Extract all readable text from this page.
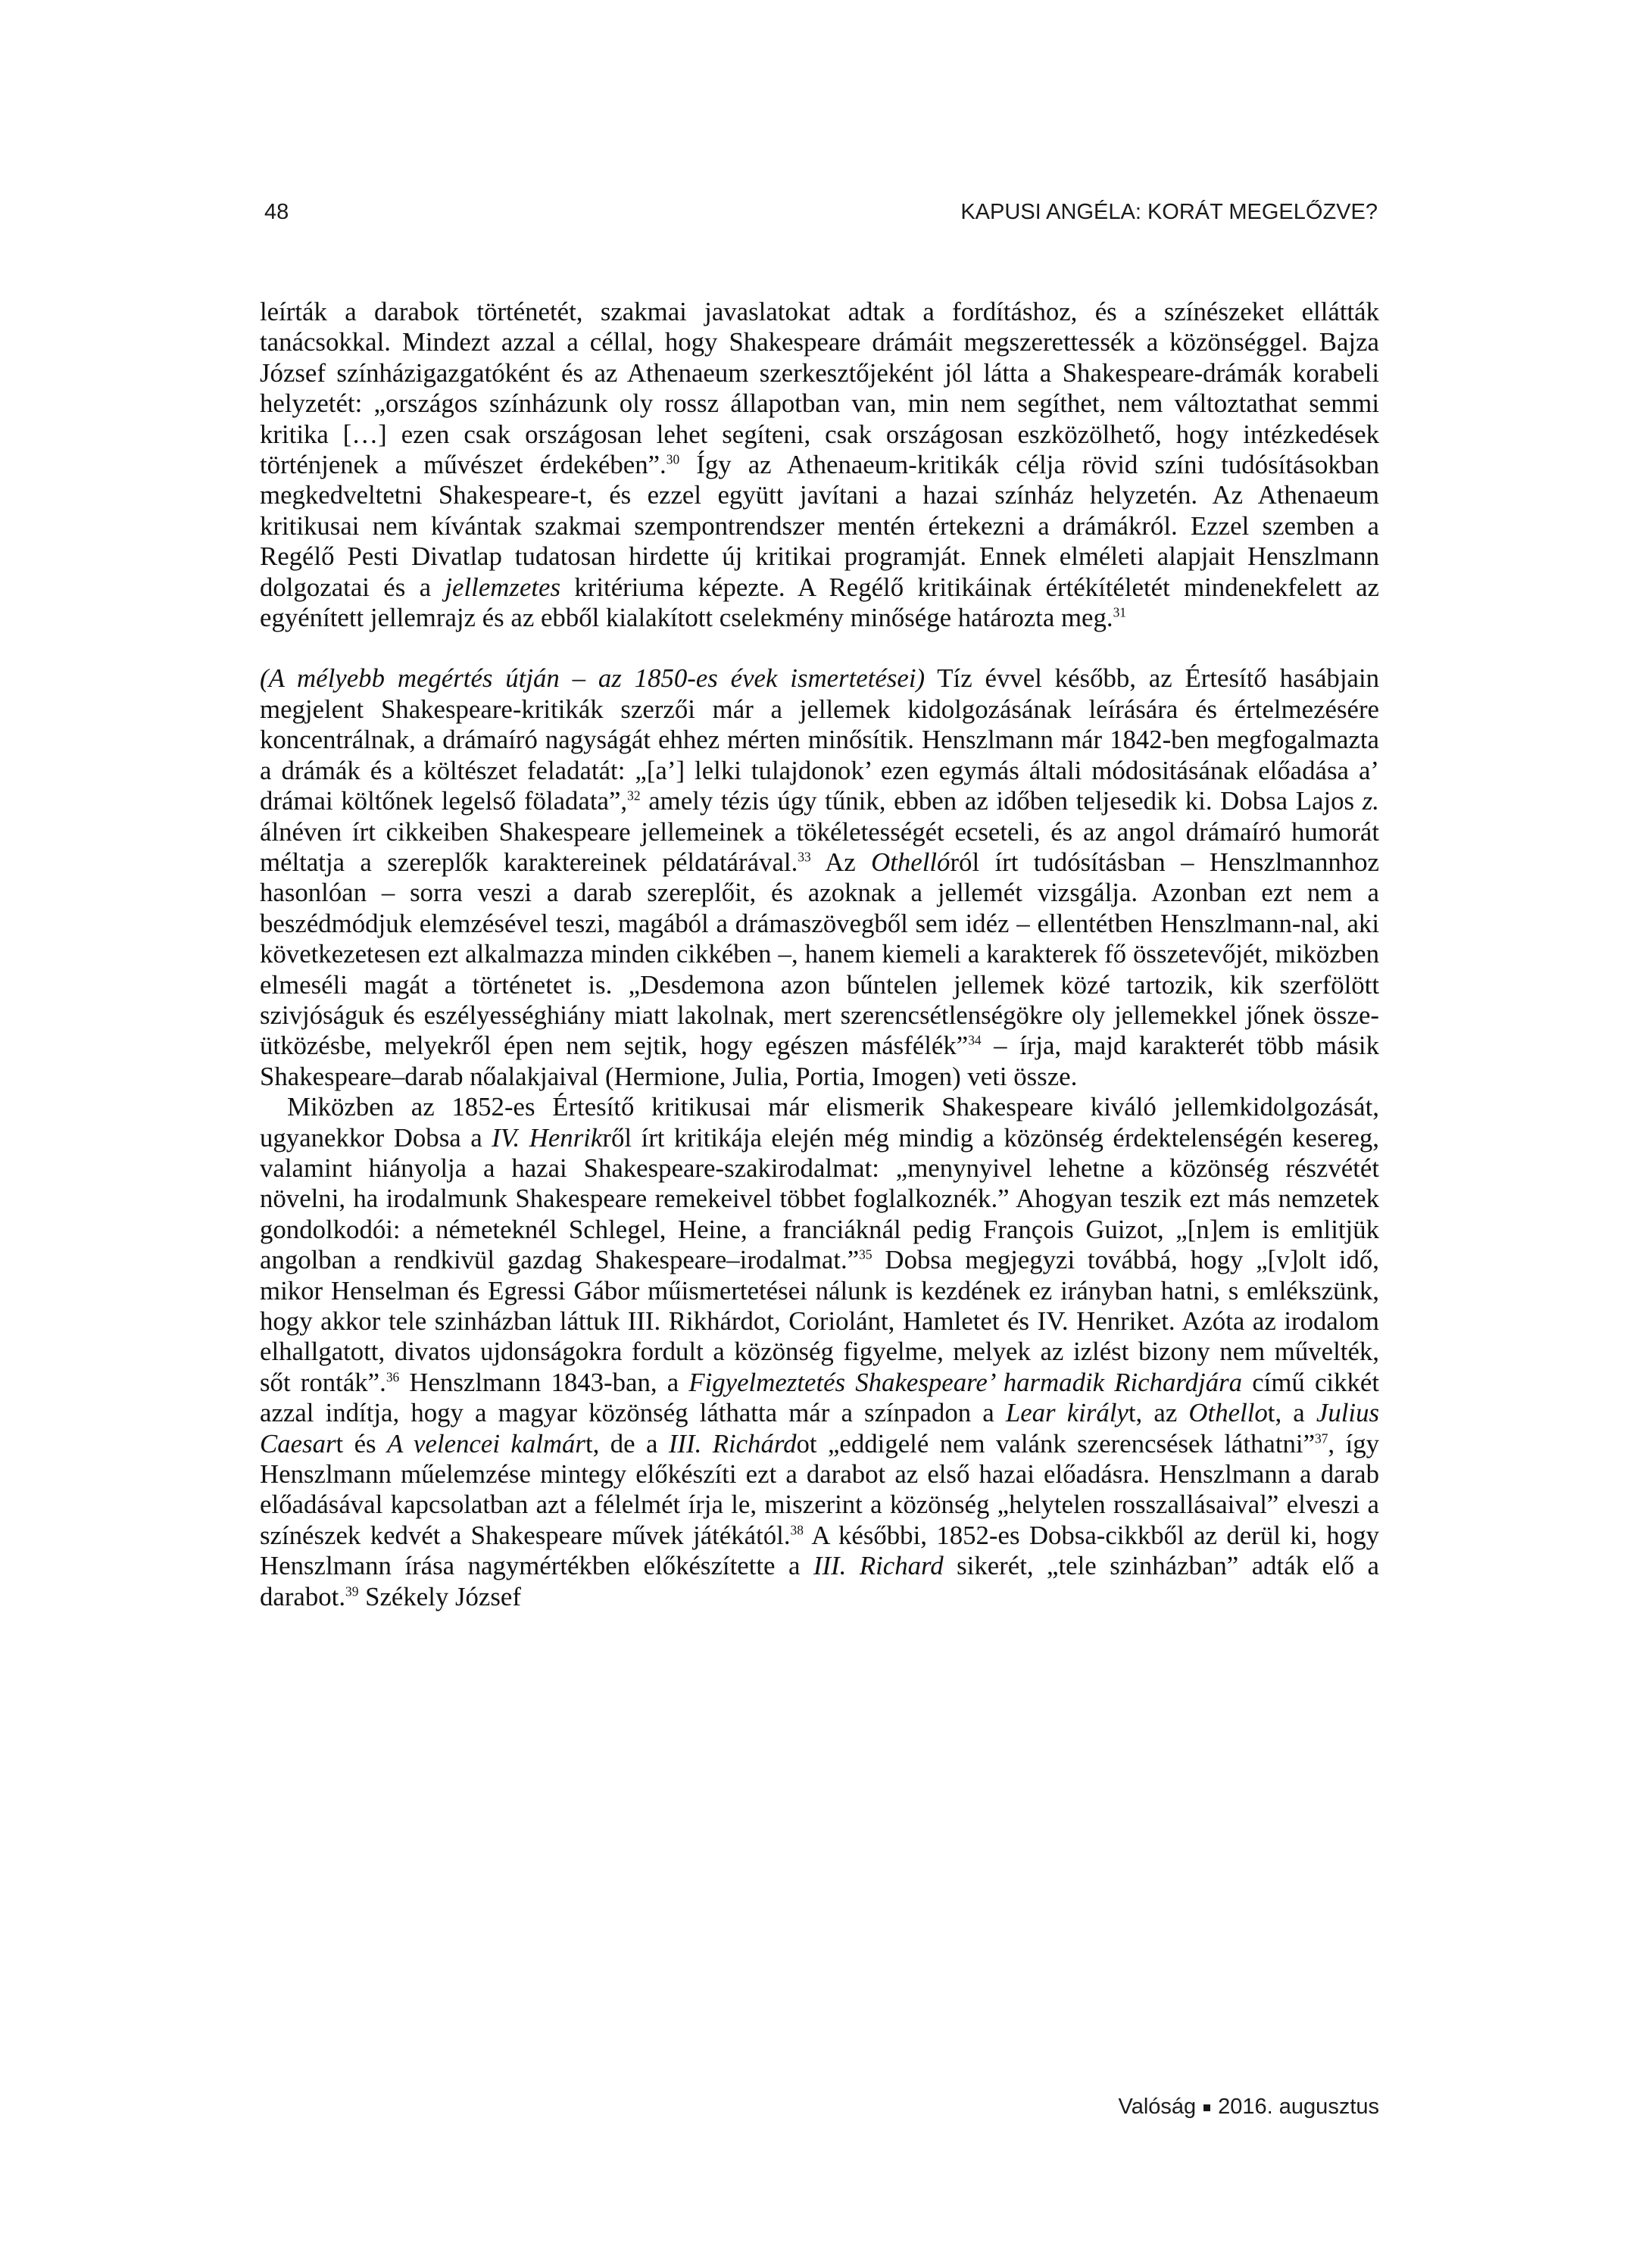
48	KAPUSI ANGÉLA: KORÁT MEGELŐZVE?

leírták a darabok történetét, szakmai javaslatokat adtak a fordításhoz, és a színészeket ellátták tanácsokkal. Mindezt azzal a céllal, hogy Shakespeare drámáit megszerettessék a közönséggel. Bajza József színházigazgatóként és az Athenaeum szerkesztőjeként jól látta a Shakespeare-drámák korabeli helyzetét: „országos színházunk oly rossz állapotban van, min nem segíthet, nem változtathat semmi kritika […] ezen csak országosan lehet segíteni, csak országosan eszközölhető, hogy intézkedések történjenek a művészet érdekében”.$^{30}$ Így az Athenaeum-kritikák célja rövid színi tudósításokban megkedveltetni Shakespeare-t, és ezzel együtt javítani a hazai színház helyzetén. Az Athenaeum kritikusai nem kívántak szakmai szempontrendszer mentén értekezni a drámákról. Ezzel szemben a Regélő Pesti Divatlap tudatosan hirdette új kritikai programját. Ennek elméleti alapjait Henszlmann dolgozatai és a jellemzetes kritériuma képezte. A Regélő kritikáinak értékítéletét mindenekfelett az egyénített jellemrajz és az ebből kialakított cselekmény minősége határozta meg.$^{31}$

(A mélyebb megértés útján – az 1850-es évek ismertetései) Tíz évvel később, az Értesítő hasábjain megjelent Shakespeare-kritikák szerzői már a jellemek kidolgozásának leírására és értelmezésére koncentrálnak, a drámaíró nagyságát ehhez mérten minősítik. Henszlmann már 1842-ben megfogalmazta a drámák és a költészet feladatát: „[a’] lelki tulajdonok’ ezen egymás általi módositásának előadása a’ drámai költőnek legelső föladata”,$^{32}$ amely tézis úgy tűnik, ebben az időben teljesedik ki. Dobsa Lajos z. álnéven írt cikkeiben Shakespeare jellemeinek a tökéletességét ecseteli, és az angol drámaíró humorát méltatja a szereplők karaktereinek példatárával.$^{33}$ Az Othellóról írt tudósításban – Henszlmannhoz hasonlóan – sorra veszi a darab szereplőit, és azoknak a jellemét vizsgálja. Azonban ezt nem a beszédmódjuk elemzésével teszi, magából a drámaszövegből sem idéz – ellentétben Henszlmann-nal, aki következetesen ezt alkalmazza minden cikkében –, hanem kiemeli a karakterek fő összetevőjét, miközben elmeséli magát a történetet is. „Desdemona azon bűntelen jellemek közé tartozik, kik szerfölött szivjóságuk és eszélyességhiány miatt lakolnak, mert szerencsétlenségökre oly jellemekkel jőnek összeütközésbe, melyekről épen nem sejtik, hogy egészen másfélék”$^{34}$ – írja, majd karakterét több másik Shakespeare–darab nőalakjaival (Hermione, Julia, Portia, Imogen) veti össze.

Miközben az 1852-es Értesítő kritikusai már elismerik Shakespeare kiváló jellemkidolgozását, ugyanekkor Dobsa a IV. Henrikről írt kritikája elején még mindig a közönség érdektelenségén kesereg, valamint hiányolja a hazai Shakespeare-szakirodalmat: „menynyivel lehetne a közönség részvétét növelni, ha irodalmunk Shakespeare remekeivel többet foglalkoznék.” Ahogyan teszik ezt más nemzetek gondolkodói: a németeknél Schlegel, Heine, a franciáknál pedig François Guizot, „[n]em is emlitjük angolban a rendkivül gazdag Shakespeare–irodalmat.”$^{35}$ Dobsa megjegyzi továbbá, hogy „[v]olt idő, mikor Henselman és Egressi Gábor műismertetései nálunk is kezdének ez irányban hatni, s emlékszünk, hogy akkor tele szinházban láttuk III. Rikhárdot, Coriolánt, Hamletet és IV. Henriket. Azóta az irodalom elhallgatott, divatos ujdonságokra fordult a közönség figyelme, melyek az izlést bizony nem művelték, sőt ronták”.$^{36}$ Henszlmann 1843-ban, a Figyelmeztetés Shakespeare’ harmadik Richardjára című cikkét azzal indítja, hogy a magyar közönség láthatta már a színpadon a Lear királyt, az Othellot, a Julius Caesart és A velencei kalmárt, de a III. Richárdot „eddigelé nem valánk szerencsések láthatni”$^{37}$, így Henszlmann műelemzése mintegy előkészíti ezt a darabot az első hazai előadásra. Henszlmann a darab előadásával kapcsolatban azt a félelmét írja le, miszerint a közönség „helytelen rosszallásaival” elveszi a színészek kedvét a Shakespeare művek játékától.$^{38}$ A későbbi, 1852-es Dobsa-cikkből az derül ki, hogy Henszlmann írása nagymértékben előkészítette a III. Richard sikerét, „tele szinházban” adták elő a darabot.$^{39}$ Székely József

Valóság 2016. augusztus
